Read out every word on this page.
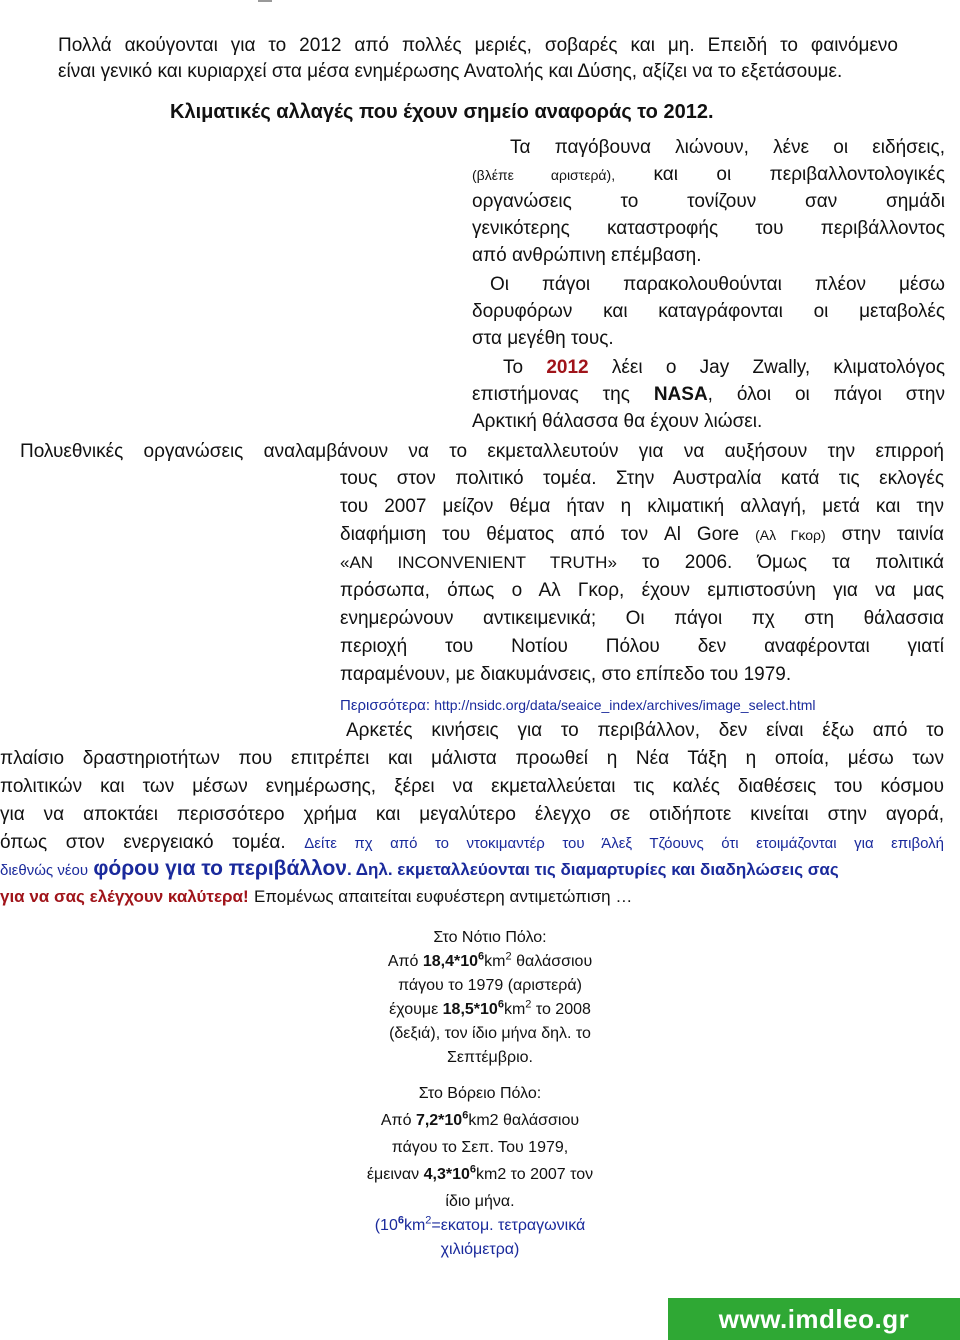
Πολλά ακούγονται για το 2012 από πολλές μεριές, σοβαρές και μη. Επειδή το φαινόμενο
είναι γενικό και κυριαρχεί στα μέσα ενημέρωσης Ανατολής και Δύσης, αξίζει να το εξετάσουμε.
Κλιματικές αλλαγές που έχουν σημείο αναφοράς το 2012.
Τα παγόβουνα λιώνουν, λένε οι ειδήσεις,
(βλέπε αριστερά), και οι περιβαλλοντολογικές
οργανώσεις το τονίζουν σαν σημάδι
γενικότερης καταστροφής του περιβάλλοντος
από ανθρώπινη επέμβαση.
Οι πάγοι παρακολουθούνται πλέον μέσω
δορυφόρων και καταγράφονται οι μεταβολές
στα μεγέθη τους.
Το 2012 λέει ο Jay Zwally, κλιματολόγος
επιστήμονας της NASA, όλοι οι πάγοι στην
Αρκτική θάλασσα θα έχουν λιώσει.
Πολυεθνικές οργανώσεις αναλαμβάνουν να το εκμεταλλευτούν για να αυξήσουν την επιρροή
τους στον πολιτικό τομέα. Στην Αυστραλία κατά τις εκλογές
του 2007 μείζον θέμα ήταν η κλιματική αλλαγή, μετά και την
διαφήμιση του θέματος από τον Al Gore (Αλ Γκορ) στην ταινία
«AN INCONVENIENT TRUTH» το 2006. Όμως τα πολιτικά
πρόσωπα, όπως ο Αλ Γκορ, έχουν εμπιστοσύνη για να μας
ενημερώνουν αντικειμενικά; Οι πάγοι πχ στη θάλασσια
περιοχή του Νοτίου Πόλου δεν αναφέρονται γιατί
παραμένουν, με διακυμάνσεις, στο επίπεδο του 1979.
Περισσότερα: http://nsidc.org/data/seaice_index/archives/image_select.html
Αρκετές κινήσεις για το περιβάλλον, δεν είναι έξω από το
πλαίσιο δραστηριοτήτων που επιτρέπει και μάλιστα προωθεί η Νέα Τάξη η οποία, μέσω των
πολιτικών και των μέσων ενημέρωσης, ξέρει να εκμεταλλεύεται τις καλές διαθέσεις του κόσμου
για να αποκτάει περισσότερο χρήμα και μεγαλύτερο έλεγχο σε οτιδήποτε κινείται στην αγορά,
όπως στον ενεργειακό τομέα. Δείτε πχ από το ντοκιμαντέρ του Άλεξ Τζόουνς ότι ετοιμάζονται για επιβολή
διεθνώς νέου φόρου για το περιβάλλον. Δηλ. εκμεταλλεύονται τις διαμαρτυρίες και διαδηλώσεις σας
για να σας ελέγχουν καλύτερα! Επομένως απαιτείται ευφυέστερη αντιμετώπιση …
Στο Νότιο Πόλο:
Από $18,4*10^6km^2$ θαλάσσιου
πάγου το 1979 (αριστερά)
έχουμε $18,5*10^6km^2$ το 2008
(δεξιά), τον ίδιο μήνα δηλ. το
Σεπτέμβριο.
Στο Βόρειο Πόλο:
Από $7,2*10^6km2$ θαλάσσιου
πάγου το Σεπ. Του 1979,
έμειναν $4,3*10^6km2$ το 2007 τον
ίδιο μήνα.
($10^6km^2=\varepsilon\kappa\alpha\tau o\mu$. τετραγωνικά
χιλιόμετρα)
www.imdleo.gr
